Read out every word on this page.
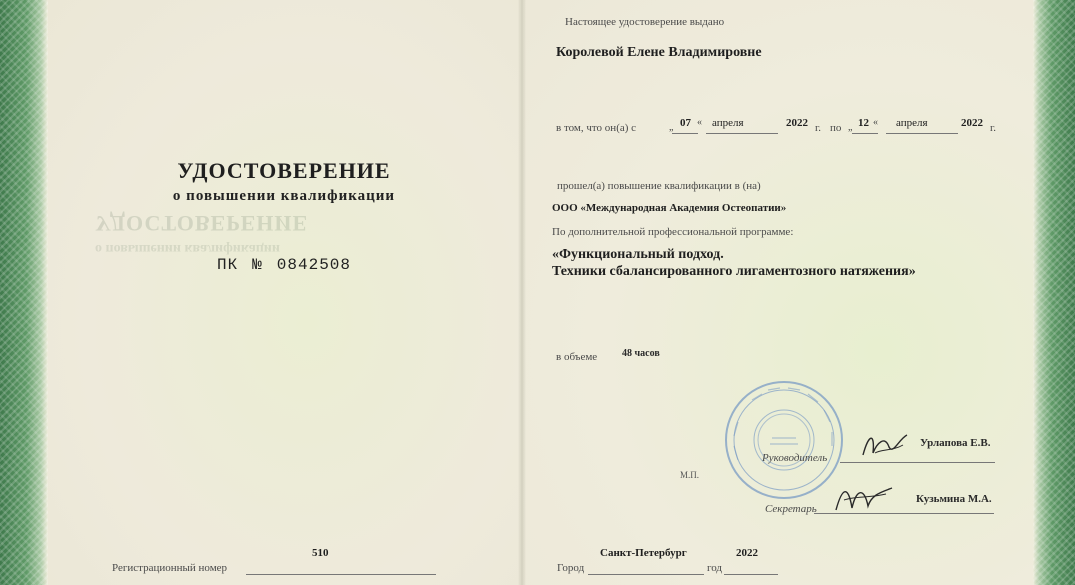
УДОСТОВЕРЕНИЕ
о повышении квалификации
УДОСТОВЕРЕНИЕ
о повышении квалификации
ПК № 0842508
Регистрационный номер
510
Настоящее удостоверение выдано
Королевой Елене Владимировне
в том, что он(а) с	„ 07 « апреля	2022 г. по „ 12 « апреля	2022 г.
прошел(а) повышение квалификации в (на)
ООО «Международная Академия Остеопатии»
По дополнительной профессиональной программе:
«Функциональный подход.
Техники сбалансированного лигаментозного натяжения»
в объеме 48 часов
М.П.
Руководитель
Урлапова Е.В.
Секретарь
Кузьмина М.А.
Город
Санкт-Петербург
год
2022
